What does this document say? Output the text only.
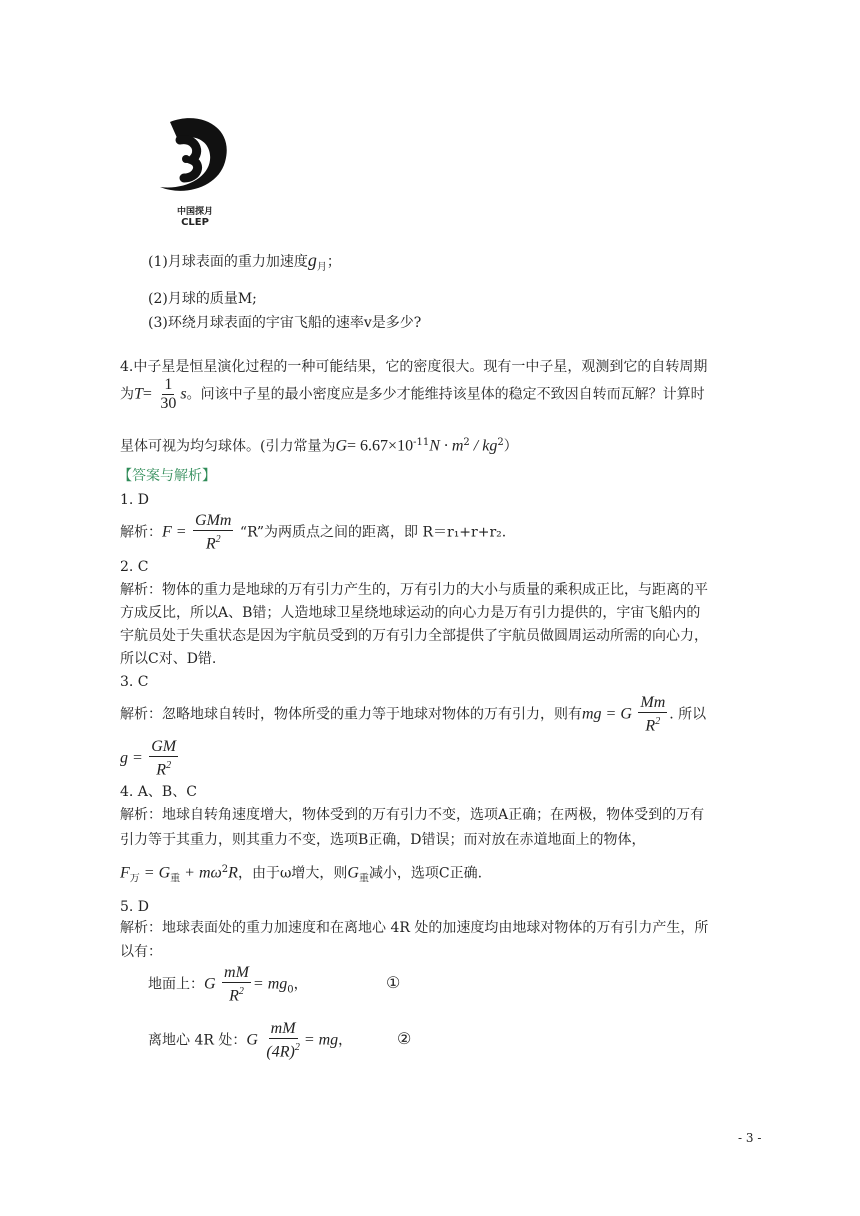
中国探月
CLEP
(1)月球表面的重力加速度$g_月$；
(2)月球的质量M;
(3)环绕月球表面的宇宙飞船的速率v是多少?
4.中子星是恒星演化过程的一种可能结果，它的密度很大。现有一中子星，观测到它的自转周期
为$T= \frac{1}{30}$ s。问该中子星的最小密度应是多少才能维持该星体的稳定不致因自转而瓦解？计算时
星体可视为均匀球体。(引力常量为$G= 6.67\times 10^{-11}N \cdot m^2 / kg^2$）
【答案与解析】
1. D
解析：$F = \frac{\text{GMm}}{R^2}$ “R”为两质点之间的距离，即 R＝r₁+r+r₂.
2. C
解析：物体的重力是地球的万有引力产生的，万有引力的大小与质量的乘积成正比，与距离的平
方成反比，所以A、B错；人造地球卫星绕地球运动的向心力是万有引力提供的，宇宙飞船内的
宇航员处于失重状态是因为宇航员受到的万有引力全部提供了宇航员做圆周运动所需的向心力，
所以C对、D错.
3. C
解析：忽略地球自转时，物体所受的重力等于地球对物体的万有引力，则有mg = G $\frac{Mm}{R^2}$ . 所以
$g = \frac{GM}{R^2}$
4. A、B、C
解析：地球自转角速度增大，物体受到的万有引力不变，选项A正确；在两极，物体受到的万有
引力等于其重力，则其重力不变，选项B正确，D错误；而对放在赤道地面上的物体，
$F_万 = G_重 + m\omega^2R$，由于ω增大，则$G_重$减小，选项C正确.
5. D
解析：地球表面处的重力加速度和在离地心 4R 处的加速度均由地球对物体的万有引力产生，所
以有：
地面上：G $\frac{mM}{R^2} = mg_0$，	①
离地心 4R 处：G $\frac{mM}{(4R)^2}$ = mg，	②
- 3 -
